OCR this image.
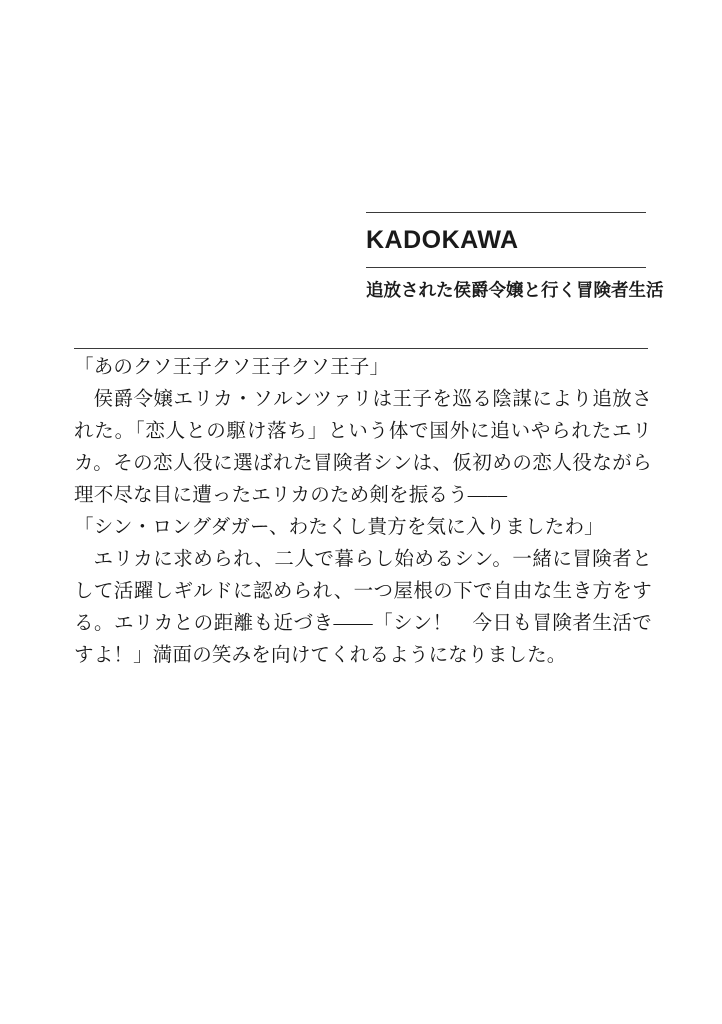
KADOKAWA
追放された侯爵令嬢と行く冒険者生活

「あのクソ王子クソ王子クソ王子」

侯爵令嬢エリカ・ソルンツァリは王子を巡る陰謀により追放された。「恋人との駆け落ち」という体で国外に追いやられたエリカ。その恋人役に選ばれた冒険者シンは、仮初めの恋人役ながら理不尽な目に遭ったエリカのため剣を振るう――

「シン・ロングダガー、わたくし貴方を気に入りましたわ」

エリカに求められ、二人で暮らし始めるシン。一緒に冒険者として活躍しギルドに認められ、一つ屋根の下で自由な生き方をする。エリカとの距離も近づき――「シン！　今日も冒険者生活ですよ！」満面の笑みを向けてくれるようになりました。
